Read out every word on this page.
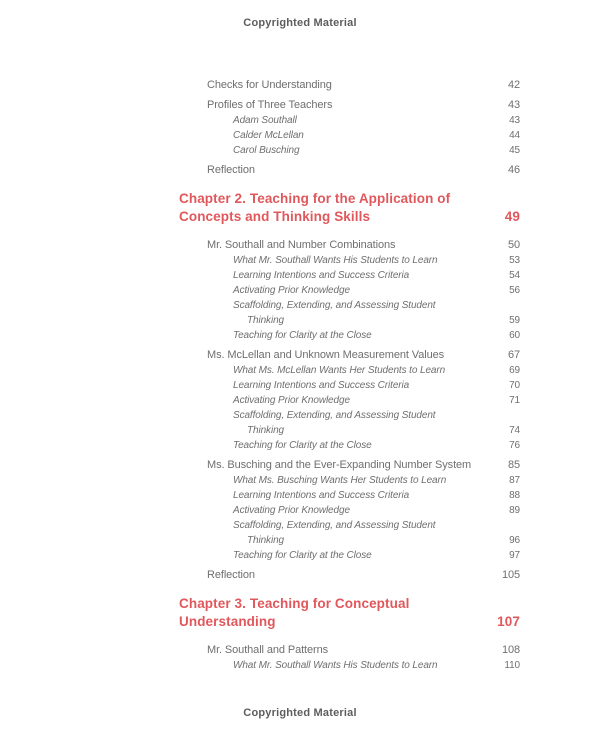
Copyrighted Material
Checks for Understanding	42
Profiles of Three Teachers	43
Adam Southall	43
Calder McLellan	44
Carol Busching	45
Reflection	46
Chapter 2. Teaching for the Application of
Concepts and Thinking Skills	49
Mr. Southall and Number Combinations	50
What Mr. Southall Wants His Students to Learn	53
Learning Intentions and Success Criteria	54
Activating Prior Knowledge	56
Scaffolding, Extending, and Assessing Student
Thinking	59
Teaching for Clarity at the Close	60
Ms. McLellan and Unknown Measurement Values	67
What Ms. McLellan Wants Her Students to Learn	69
Learning Intentions and Success Criteria	70
Activating Prior Knowledge	71
Scaffolding, Extending, and Assessing Student
Thinking	74
Teaching for Clarity at the Close	76
Ms. Busching and the Ever-Expanding Number System	85
What Ms. Busching Wants Her Students to Learn	87
Learning Intentions and Success Criteria	88
Activating Prior Knowledge	89
Scaffolding, Extending, and Assessing Student
Thinking	96
Teaching for Clarity at the Close	97
Reflection	105
Chapter 3. Teaching for Conceptual
Understanding	107
Mr. Southall and Patterns	108
What Mr. Southall Wants His Students to Learn	110
Copyrighted Material
